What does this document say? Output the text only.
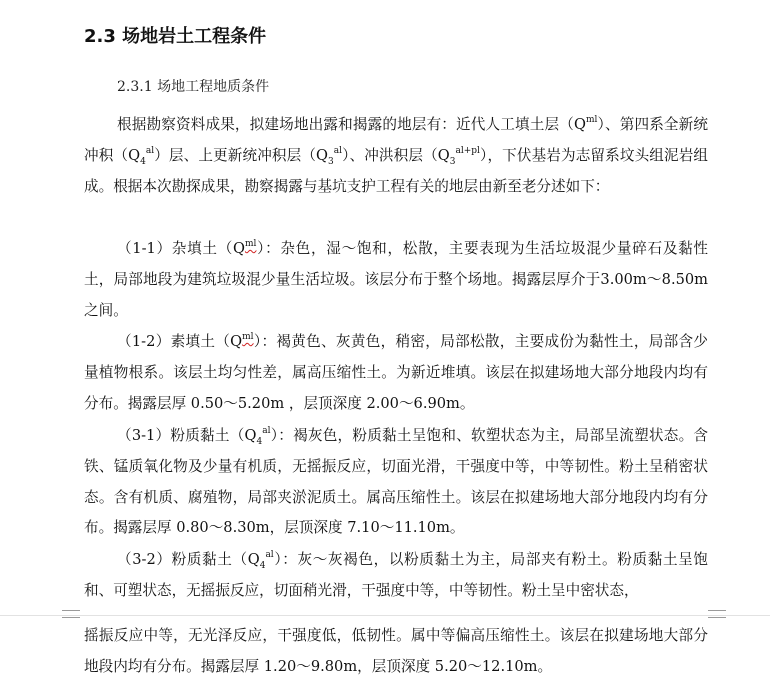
2.3 场地岩土工程条件

2.3.1 场地工程地质条件

根据勘察资料成果，拟建场地出露和揭露的地层有：近代人工填土层$(Q^{ml})$、第四系全新统冲积$(Q_4^{al})$层、上更新统冲积层$(Q_3^{al})$、冲洪积层$(Q_3^{al+pl})$，下伏基岩为志留系坟头组泥岩组成。根据本次勘探成果，勘察揭露与基坑支护工程有关的地层由新至老分述如下：

（1-1）杂填土$(Q^{ml})$：杂色，湿～饱和，松散，主要表现为生活垃圾混少量碎石及黏性土，局部地段为建筑垃圾混少量生活垃圾。该层分布于整个场地。揭露层厚介于3.00m～8.50m 之间。

（1-2）素填土$(Q^{ml})$：褐黄色、灰黄色，稍密，局部松散，主要成份为黏性土，局部含少量植物根系。该层土均匀性差，属高压缩性土。为新近堆填。该层在拟建场地大部分地段内均有分布。揭露层厚 0.50～5.20m ，层顶深度 2.00～6.90m。

（3-1）粉质黏土$(Q_4^{al})$：褐灰色，粉质黏土呈饱和、软塑状态为主，局部呈流塑状态。含铁、锰质氧化物及少量有机质，无摇振反应，切面光滑，干强度中等，中等韧性。粉土呈稍密状态。含有机质、腐殖物，局部夹淤泥质土。属高压缩性土。该层在拟建场地大部分地段内均有分布。揭露层厚 0.80～8.30m，层顶深度 7.10～11.10m。

（3-2）粉质黏土$(Q_4^{al})$：灰～灰褐色，以粉质黏土为主，局部夹有粉土。粉质黏土呈饱和、可塑状态，无摇振反应，切面稍光滑，干强度中等，中等韧性。粉土呈中密状态，

摇振反应中等，无光泽反应，干强度低，低韧性。属中等偏高压缩性土。该层在拟建场地大部分地段内均有分布。揭露层厚 1.20～9.80m，层顶深度 5.20～12.10m。
